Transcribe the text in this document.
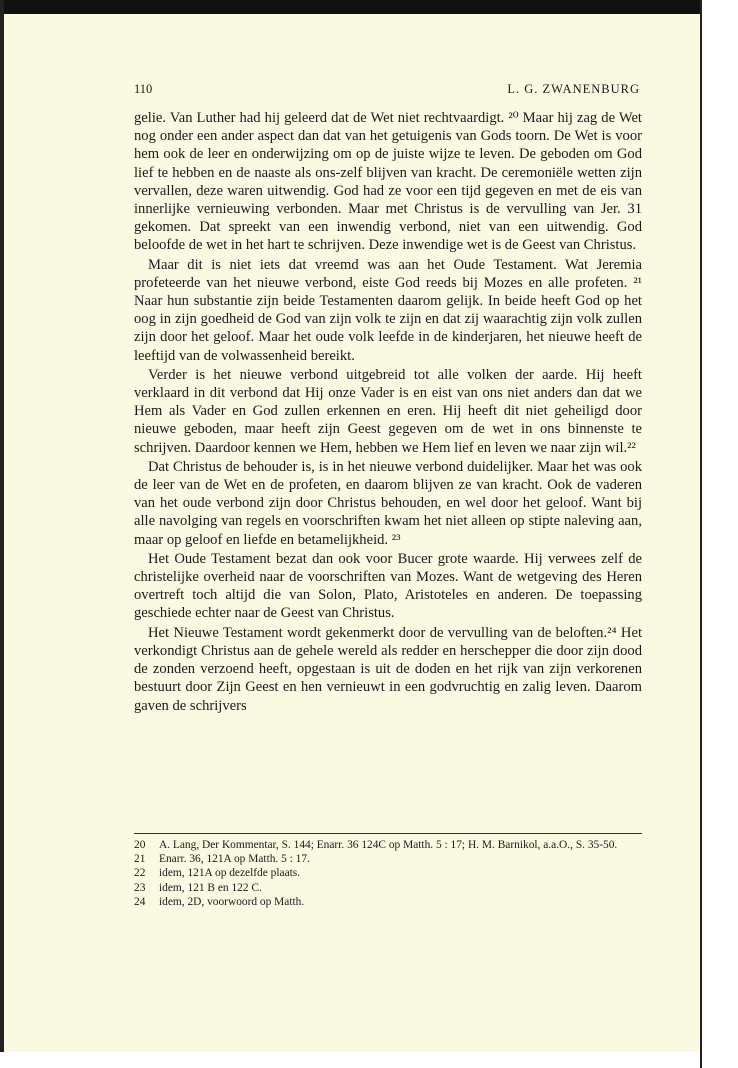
110	L. G. ZWANENBURG

gelie. Van Luther had hij geleerd dat de Wet niet rechtvaardigt. ²⁰ Maar hij zag de Wet nog onder een ander aspect dan dat van het getuigenis van Gods toorn. De Wet is voor hem ook de leer en onderwijzing om op de juiste wijze te leven. De geboden om God lief te hebben en de naaste als ons-zelf blijven van kracht. De ceremoniële wetten zijn vervallen, deze waren uitwendig. God had ze voor een tijd gegeven en met de eis van innerlijke vernieuwing verbonden. Maar met Christus is de vervulling van Jer. 31 gekomen. Dat spreekt van een inwendig verbond, niet van een uitwendig. God beloofde de wet in het hart te schrijven. Deze inwendige wet is de Geest van Christus.

Maar dit is niet iets dat vreemd was aan het Oude Testament. Wat Jeremia profeteerde van het nieuwe verbond, eiste God reeds bij Mozes en alle profeten. ²¹ Naar hun substantie zijn beide Testamenten daarom gelijk. In beide heeft God op het oog in zijn goedheid de God van zijn volk te zijn en dat zij waarachtig zijn volk zullen zijn door het geloof. Maar het oude volk leefde in de kinderjaren, het nieuwe heeft de leeftijd van de volwassenheid bereikt.

Verder is het nieuwe verbond uitgebreid tot alle volken der aarde. Hij heeft verklaard in dit verbond dat Hij onze Vader is en eist van ons niet anders dan dat we Hem als Vader en God zullen erkennen en eren. Hij heeft dit niet geheiligd door nieuwe geboden, maar heeft zijn Geest gegeven om de wet in ons binnenste te schrijven. Daardoor kennen we Hem, hebben we Hem lief en leven we naar zijn wil.²²

Dat Christus de behouder is, is in het nieuwe verbond duidelijker. Maar het was ook de leer van de Wet en de profeten, en daarom blijven ze van kracht. Ook de vaderen van het oude verbond zijn door Christus behouden, en wel door het geloof. Want bij alle navolging van regels en voorschriften kwam het niet alleen op stipte naleving aan, maar op geloof en liefde en betamelijkheid. ²³

Het Oude Testament bezat dan ook voor Bucer grote waarde. Hij verwees zelf de christelijke overheid naar de voorschriften van Mozes. Want de wetgeving des Heren overtreft toch altijd die van Solon, Plato, Aristoteles en anderen. De toepassing geschiede echter naar de Geest van Christus.

Het Nieuwe Testament wordt gekenmerkt door de vervulling van de beloften.²⁴ Het verkondigt Christus aan de gehele wereld als redder en herschepper die door zijn dood de zonden verzoend heeft, opgestaan is uit de doden en het rijk van zijn verkorenen bestuurt door Zijn Geest en hen vernieuwt in een godvruchtig en zalig leven. Daarom gaven de schrijvers

20 A. Lang, Der Kommentar, S. 144; Enarr. 36 124C op Matth. 5 : 17; H. M. Barnikol, a.a.O., S. 35-50.
21 Enarr. 36, 121A op Matth. 5 : 17.
22 idem, 121A op dezelfde plaats.
23 idem, 121 B en 122 C.
24 idem, 2D, voorwoord op Matth.
